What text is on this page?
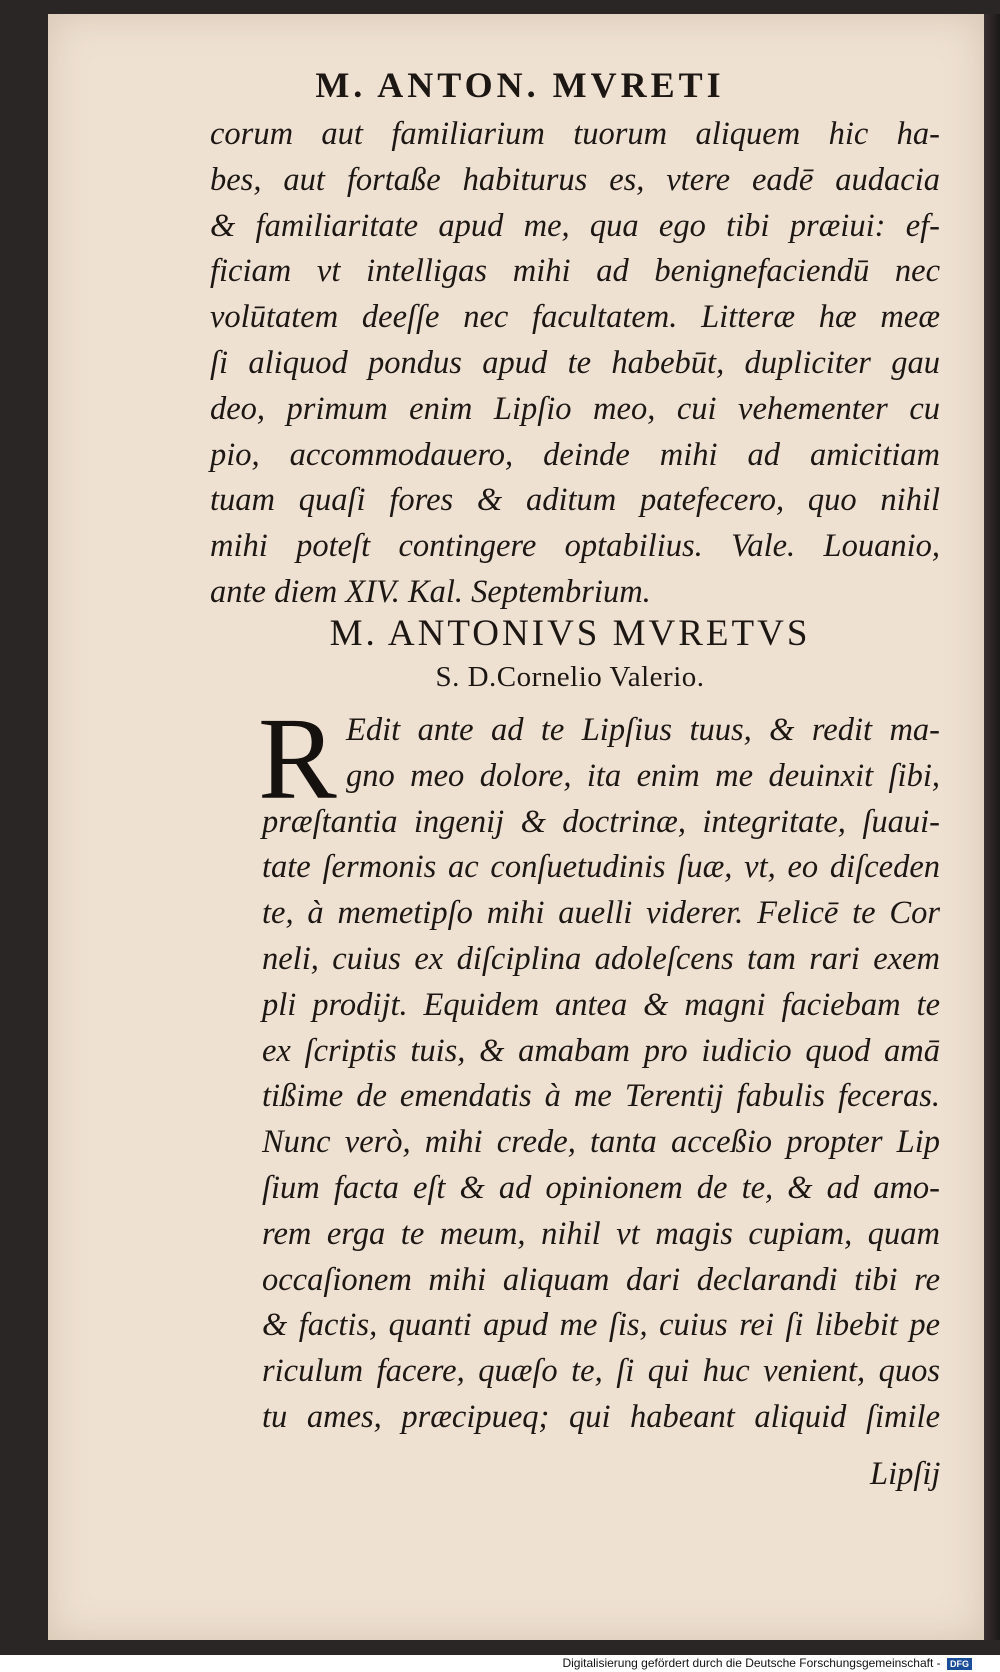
M. ANTON. MVRETI
corum aut familiarium tuorum aliquem hic ha-
bes, aut fortaße habiturus es, vtere eadē audacia
& familiaritate apud me, qua ego tibi præiui: ef-
ficiam vt intelligas mihi ad benignefaciendū nec
volūtatem deeſſe nec facultatem. Litteræ hæ meæ
ſi aliquod pondus apud te habebūt, dupliciter gau
deo, primum enim Lipſio meo, cui vehementer cu
pio, accommodauero, deinde mihi ad amicitiam
tuam quaſi fores & aditum patefecero, quo nihil
mihi poteſt contingere optabilius. Vale. Louanio,
ante diem XIV. Kal. Septembrium.
M. ANTONIVS MVRETVS
S. D.Cornelio Valerio.
R Edit ante ad te Lipſius tuus, & redit ma-
gno meo dolore, ita enim me deuinxit ſibi,
præſtantia ingenij & doctrinæ, integritate, ſuaui-
tate ſermonis ac conſuetudinis ſuæ, vt, eo diſceden
te, à memetipſo mihi auelli viderer. Felicē te Cor
neli, cuius ex diſciplina adoleſcens tam rari exem
pli prodijt. Equidem antea & magni faciebam te
ex ſcriptis tuis, & amabam pro iudicio quod amā
tißime de emendatis à me Terentij fabulis feceras.
Nunc verò, mihi crede, tanta acceßio propter Lip
ſium facta eſt & ad opinionem de te, & ad amo-
rem erga te meum, nihil vt magis cupiam, quam
occaſionem mihi aliquam dari declarandi tibi re
& factis, quanti apud me ſis, cuius rei ſi libebit pe
riculum facere, quæſo te, ſi qui huc venient, quos
tu ames, præcipueq; qui habeant aliquid ſimile
Lipſij
Digitalisierung gefördert durch die Deutsche Forschungsgemeinschaft - DFG
